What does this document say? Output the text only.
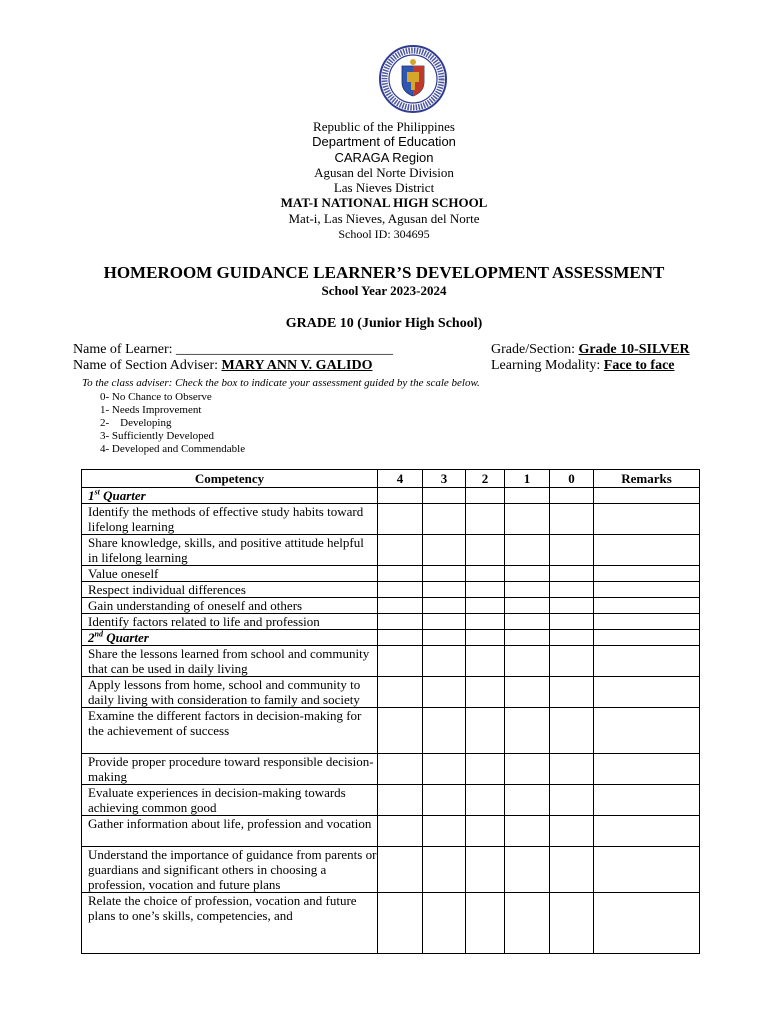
Republic of the Philippines
Department of Education
CARAGA Region
Agusan del Norte Division
Las Nieves District
MAT-I NATIONAL HIGH SCHOOL
Mat-i, Las Nieves, Agusan del Norte
School ID: 304695
HOMEROOM GUIDANCE LEARNER’S DEVELOPMENT ASSESSMENT
School Year 2023-2024
GRADE 10 (Junior High School)
Name of Learner: _______________________________
Name of Section Adviser: MARY ANN V. GALIDO
Grade/Section: Grade 10-SILVER
Learning Modality: Face to face
To the class adviser: Check the box to indicate your assessment guided by the scale below.
0- No Chance to Observe
1- Needs Improvement
2-    Developing
3- Sufficiently Developed
4- Developed and Commendable
Competency	4	3	2	1	0	Remarks
1st Quarter						
Identify the methods of effective study habits toward lifelong learning						
Share knowledge, skills, and positive attitude helpful in lifelong learning						
Value oneself						
Respect individual differences						
Gain understanding of oneself and others						
Identify factors related to life and profession						
2nd Quarter						
Share the lessons learned from school and community that can be used in daily living						
Apply lessons from home, school and community to daily living with consideration to family and society						
Examine the different factors in decision-making for the achievement of success						
Provide proper procedure toward responsible decision-making						
Evaluate experiences in decision-making towards achieving common good						
Gather information about life, profession and vocation						
Understand the importance of guidance from parents or guardians and significant others in choosing a profession, vocation and future plans						
Relate the choice of profession, vocation and future plans to one’s skills, competencies, and						
